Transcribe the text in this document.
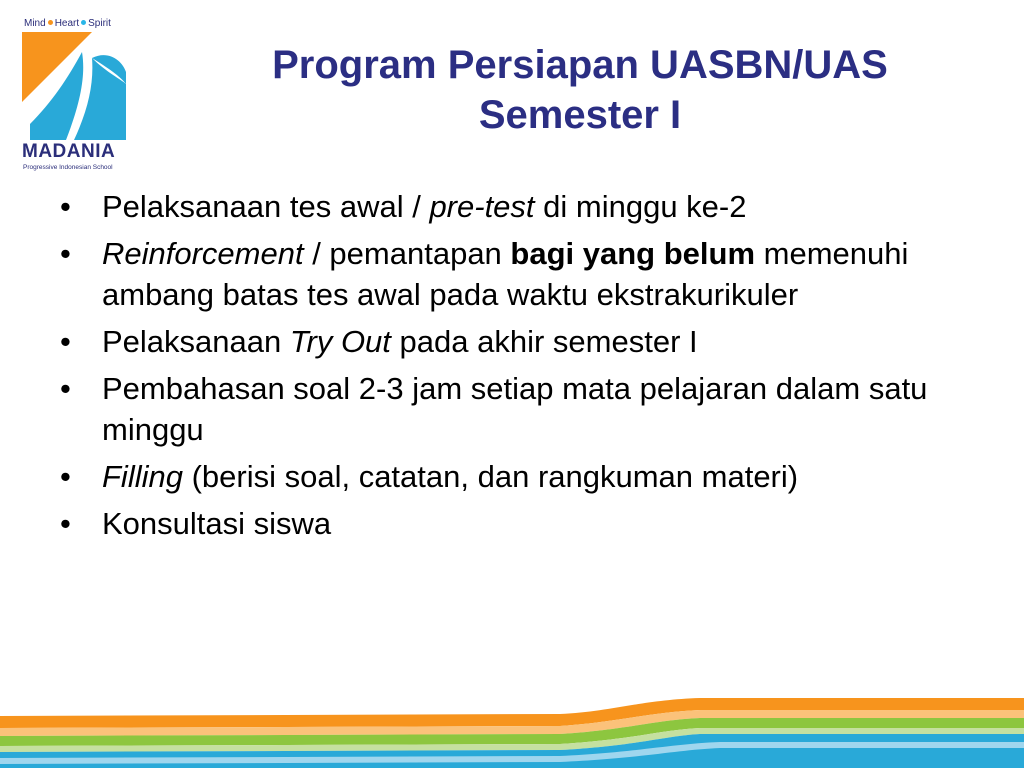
Mind Heart Spirit
MADANIA
Progressive Indonesian School
Program Persiapan UASBN/UAS
Semester I
• Pelaksanaan tes awal / pre-test di minggu ke-2
• Reinforcement / pemantapan bagi yang belum memenuhi ambang batas tes awal pada waktu ekstrakurikuler
• Pelaksanaan Try Out pada akhir semester I
• Pembahasan soal 2-3 jam setiap mata pelajaran dalam satu minggu
• Filling (berisi soal, catatan, dan rangkuman materi)
• Konsultasi siswa
